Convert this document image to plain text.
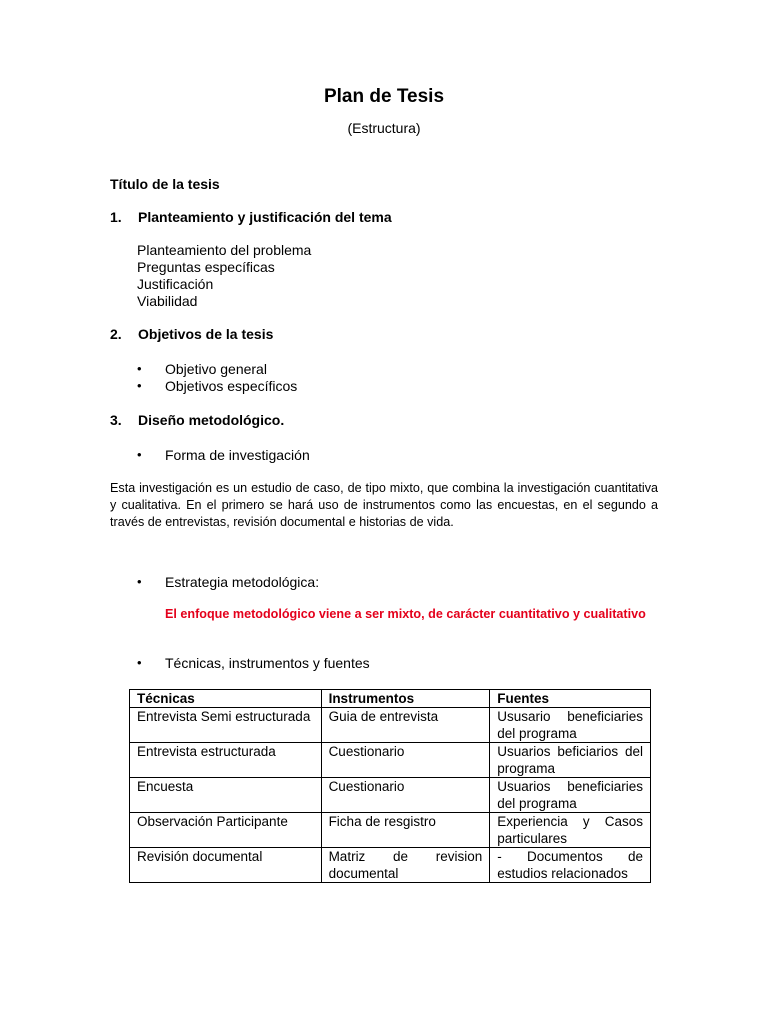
Plan de Tesis
(Estructura)
Título de la tesis
1. Planteamiento y justificación del tema
Planteamiento del problema
Preguntas específicas
Justificación
Viabilidad
2. Objetivos de la tesis
• Objetivo general
• Objetivos específicos
3. Diseño metodológico.
• Forma de investigación
Esta investigación es un estudio de caso, de tipo mixto, que combina la investigación cuantitativa y cualitativa. En el primero se hará uso de instrumentos como las encuestas, en el segundo a través de entrevistas, revisión documental e historias de vida.
• Estrategia metodológica:
El enfoque metodológico viene a ser mixto, de carácter cuantitativo y cualitativo
• Técnicas, instrumentos y fuentes
Técnicas	Instrumentos	Fuentes
Entrevista Semi estructurada	Guia de entrevista	Ususario beneficiaries del programa
Entrevista estructurada	Cuestionario	Usuarios beficiarios del programa
Encuesta	Cuestionario	Usuarios beneficiaries del programa
Observación Participante	Ficha de resgistro	Experiencia y Casos particulares
Revisión documental	Matriz de revision documental	- Documentos de estudios relacionados
